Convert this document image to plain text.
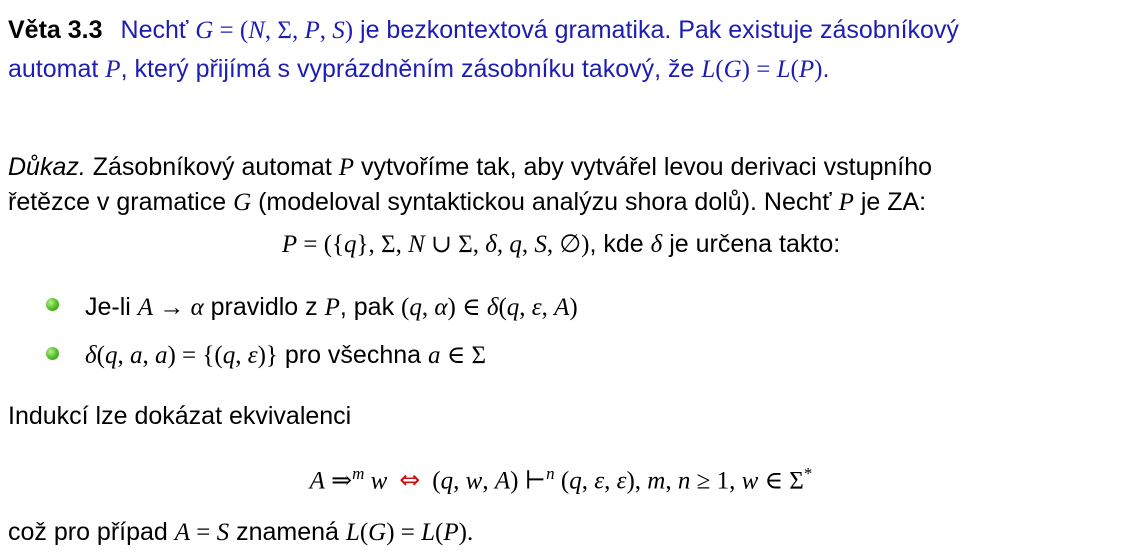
Věta 3.3 Nechť G = (N, Σ, P, S) je bezkontextová gramatika. Pak existuje zásobníkový
automat P, který přijímá s vyprázdněním zásobníku takový, že L(G) = L(P).
Důkaz. Zásobníkový automat P vytvoříme tak, aby vytvářel levou derivaci vstupního
řetězce v gramatice G (modeloval syntaktickou analýzu shora dolů). Nechť P je ZA:
P = ({q}, Σ, N ∪ Σ, δ, q, S, ∅), kde δ je určena takto:
Je-li A → α pravidlo z P, pak (q, α) ∈ δ(q, ε, A)
δ(q, a, a) = {(q, ε)} pro všechna a ∈ Σ
Indukcí lze dokázat ekvivalenci
A ⇒$^m$ w ⇔ (q, w, A) ⊢$^n$ (q, ε, ε), m, n ≥ 1, w ∈ Σ*
což pro případ A = S znamená L(G) = L(P).
